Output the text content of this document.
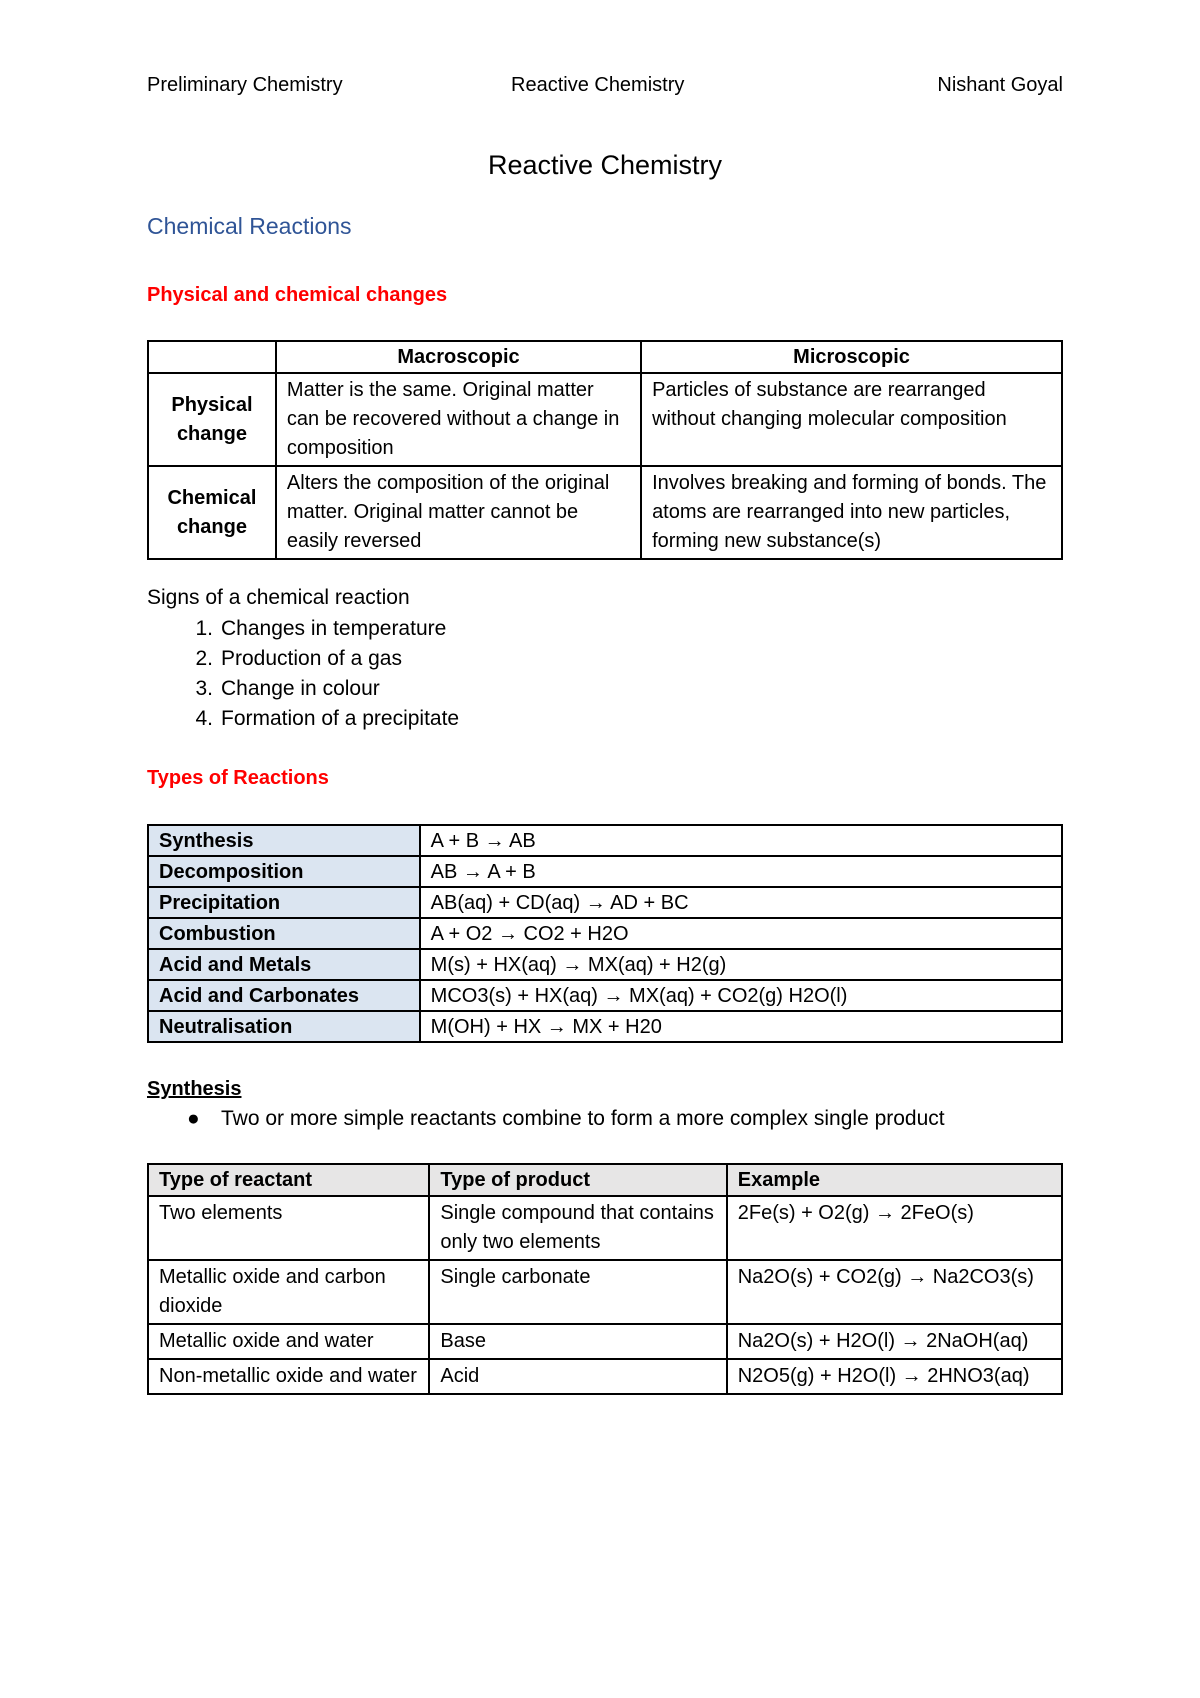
Preliminary Chemistry	Reactive Chemistry	Nishant Goyal
Reactive Chemistry
Chemical Reactions
Physical and chemical changes
	Macroscopic	Microscopic
Physical change	Matter is the same. Original matter can be recovered without a change in composition	Particles of substance are rearranged without changing molecular composition
Chemical change	Alters the composition of the original matter. Original matter cannot be easily reversed	Involves breaking and forming of bonds. The atoms are rearranged into new particles, forming new substance(s)
Signs of a chemical reaction
1. Changes in temperature
2. Production of a gas
3. Change in colour
4. Formation of a precipitate
Types of Reactions
Synthesis	A + B → AB
Decomposition	AB → A + B
Precipitation	AB(aq) + CD(aq) → AD + BC
Combustion	A + O2 → CO2 + H2O
Acid and Metals	M(s) + HX(aq) → MX(aq) + H2(g)
Acid and Carbonates	MCO3(s) + HX(aq) → MX(aq) + CO2(g) H2O(l)
Neutralisation	M(OH) + HX → MX + H20
Synthesis
● Two or more simple reactants combine to form a more complex single product
Type of reactant	Type of product	Example
Two elements	Single compound that contains only two elements	2Fe(s) + O2(g) → 2FeO(s)
Metallic oxide and carbon dioxide	Single carbonate	Na2O(s) + CO2(g) → Na2CO3(s)
Metallic oxide and water	Base	Na2O(s) + H2O(l) → 2NaOH(aq)
Non-metallic oxide and water	Acid	N2O5(g) + H2O(l) → 2HNO3(aq)
